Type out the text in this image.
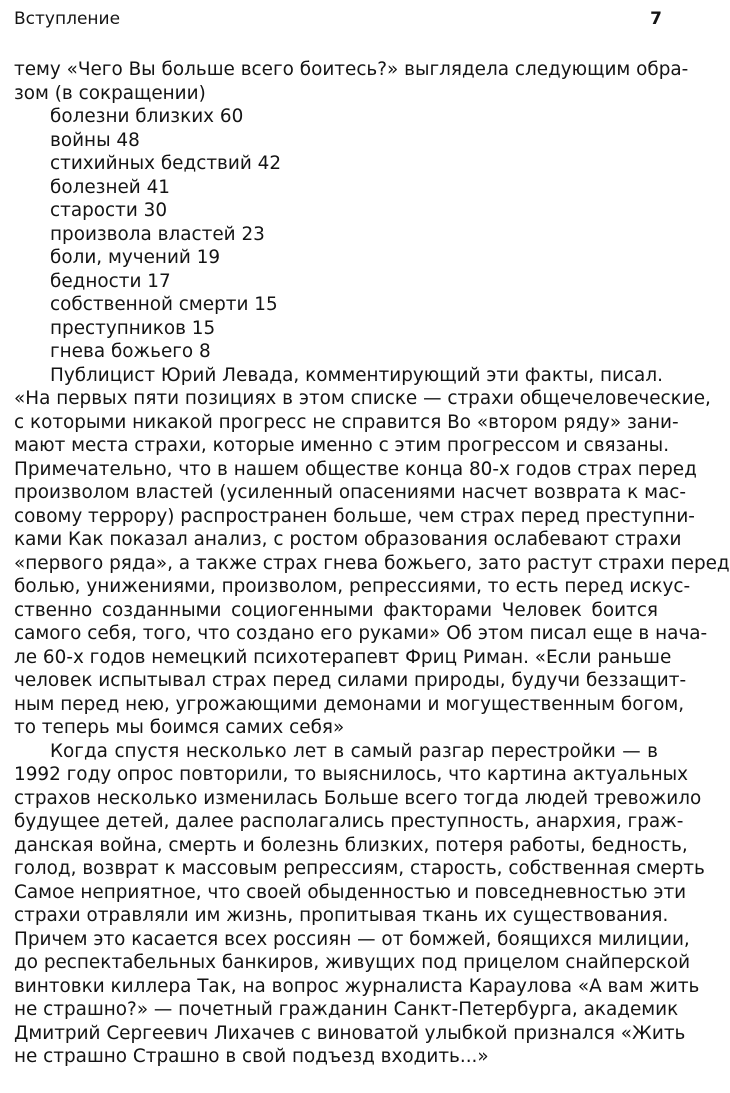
Вступление	7
тему «Чего Вы больше всего боитесь?» выглядела следующим обра-
зом (в сокращении)
болезни близких 60
войны 48
стихийных бедствий 42
болезней 41
старости 30
произвола властей 23
боли, мучений 19
бедности 17
собственной смерти 15
преступников 15
гнева божьего 8
Публицист Юрий Левада, комментирующий эти факты, писал.
«На первых пяти позициях в этом списке — страхи общечеловеческие,
с которыми никакой прогресс не справится Во «втором ряду» зани-
мают места страхи, которые именно с этим прогрессом и связаны.
Примечательно, что в нашем обществе конца 80-х годов страх перед
произволом властей (усиленный опасениями насчет возврата к мас-
совому террору) распространен больше, чем страх перед преступни-
ками Как показал анализ, с ростом образования ослабевают страхи
«первого ряда», а также страх гнева божьего, зато растут страхи перед
болью, унижениями, произволом, репрессиями, то есть перед искус-
ственно созданными социогенными факторами Человек боится
самого себя, того, что создано его руками» Об этом писал еще в нача-
ле 60-х годов немецкий психотерапевт Фриц Риман. «Если раньше
человек испытывал страх перед силами природы, будучи беззащит-
ным перед нею, угрожающими демонами и могущественным богом,
то теперь мы боимся самих себя»
Когда спустя несколько лет в самый разгар перестройки — в
1992 году опрос повторили, то выяснилось, что картина актуальных
страхов несколько изменилась Больше всего тогда людей тревожило
будущее детей, далее располагались преступность, анархия, граж-
данская война, смерть и болезнь близких, потеря работы, бедность,
голод, возврат к массовым репрессиям, старость, собственная смерть
Самое неприятное, что своей обыденностью и повседневностью эти
страхи отравляли им жизнь, пропитывая ткань их существования.
Причем это касается всех россиян — от бомжей, боящихся милиции,
до респектабельных банкиров, живущих под прицелом снайперской
винтовки киллера Так, на вопрос журналиста Караулова «А вам жить
не страшно?» — почетный гражданин Санкт-Петербурга, академик
Дмитрий Сергеевич Лихачев с виноватой улыбкой признался «Жить
не страшно Страшно в свой подъезд входить...»
